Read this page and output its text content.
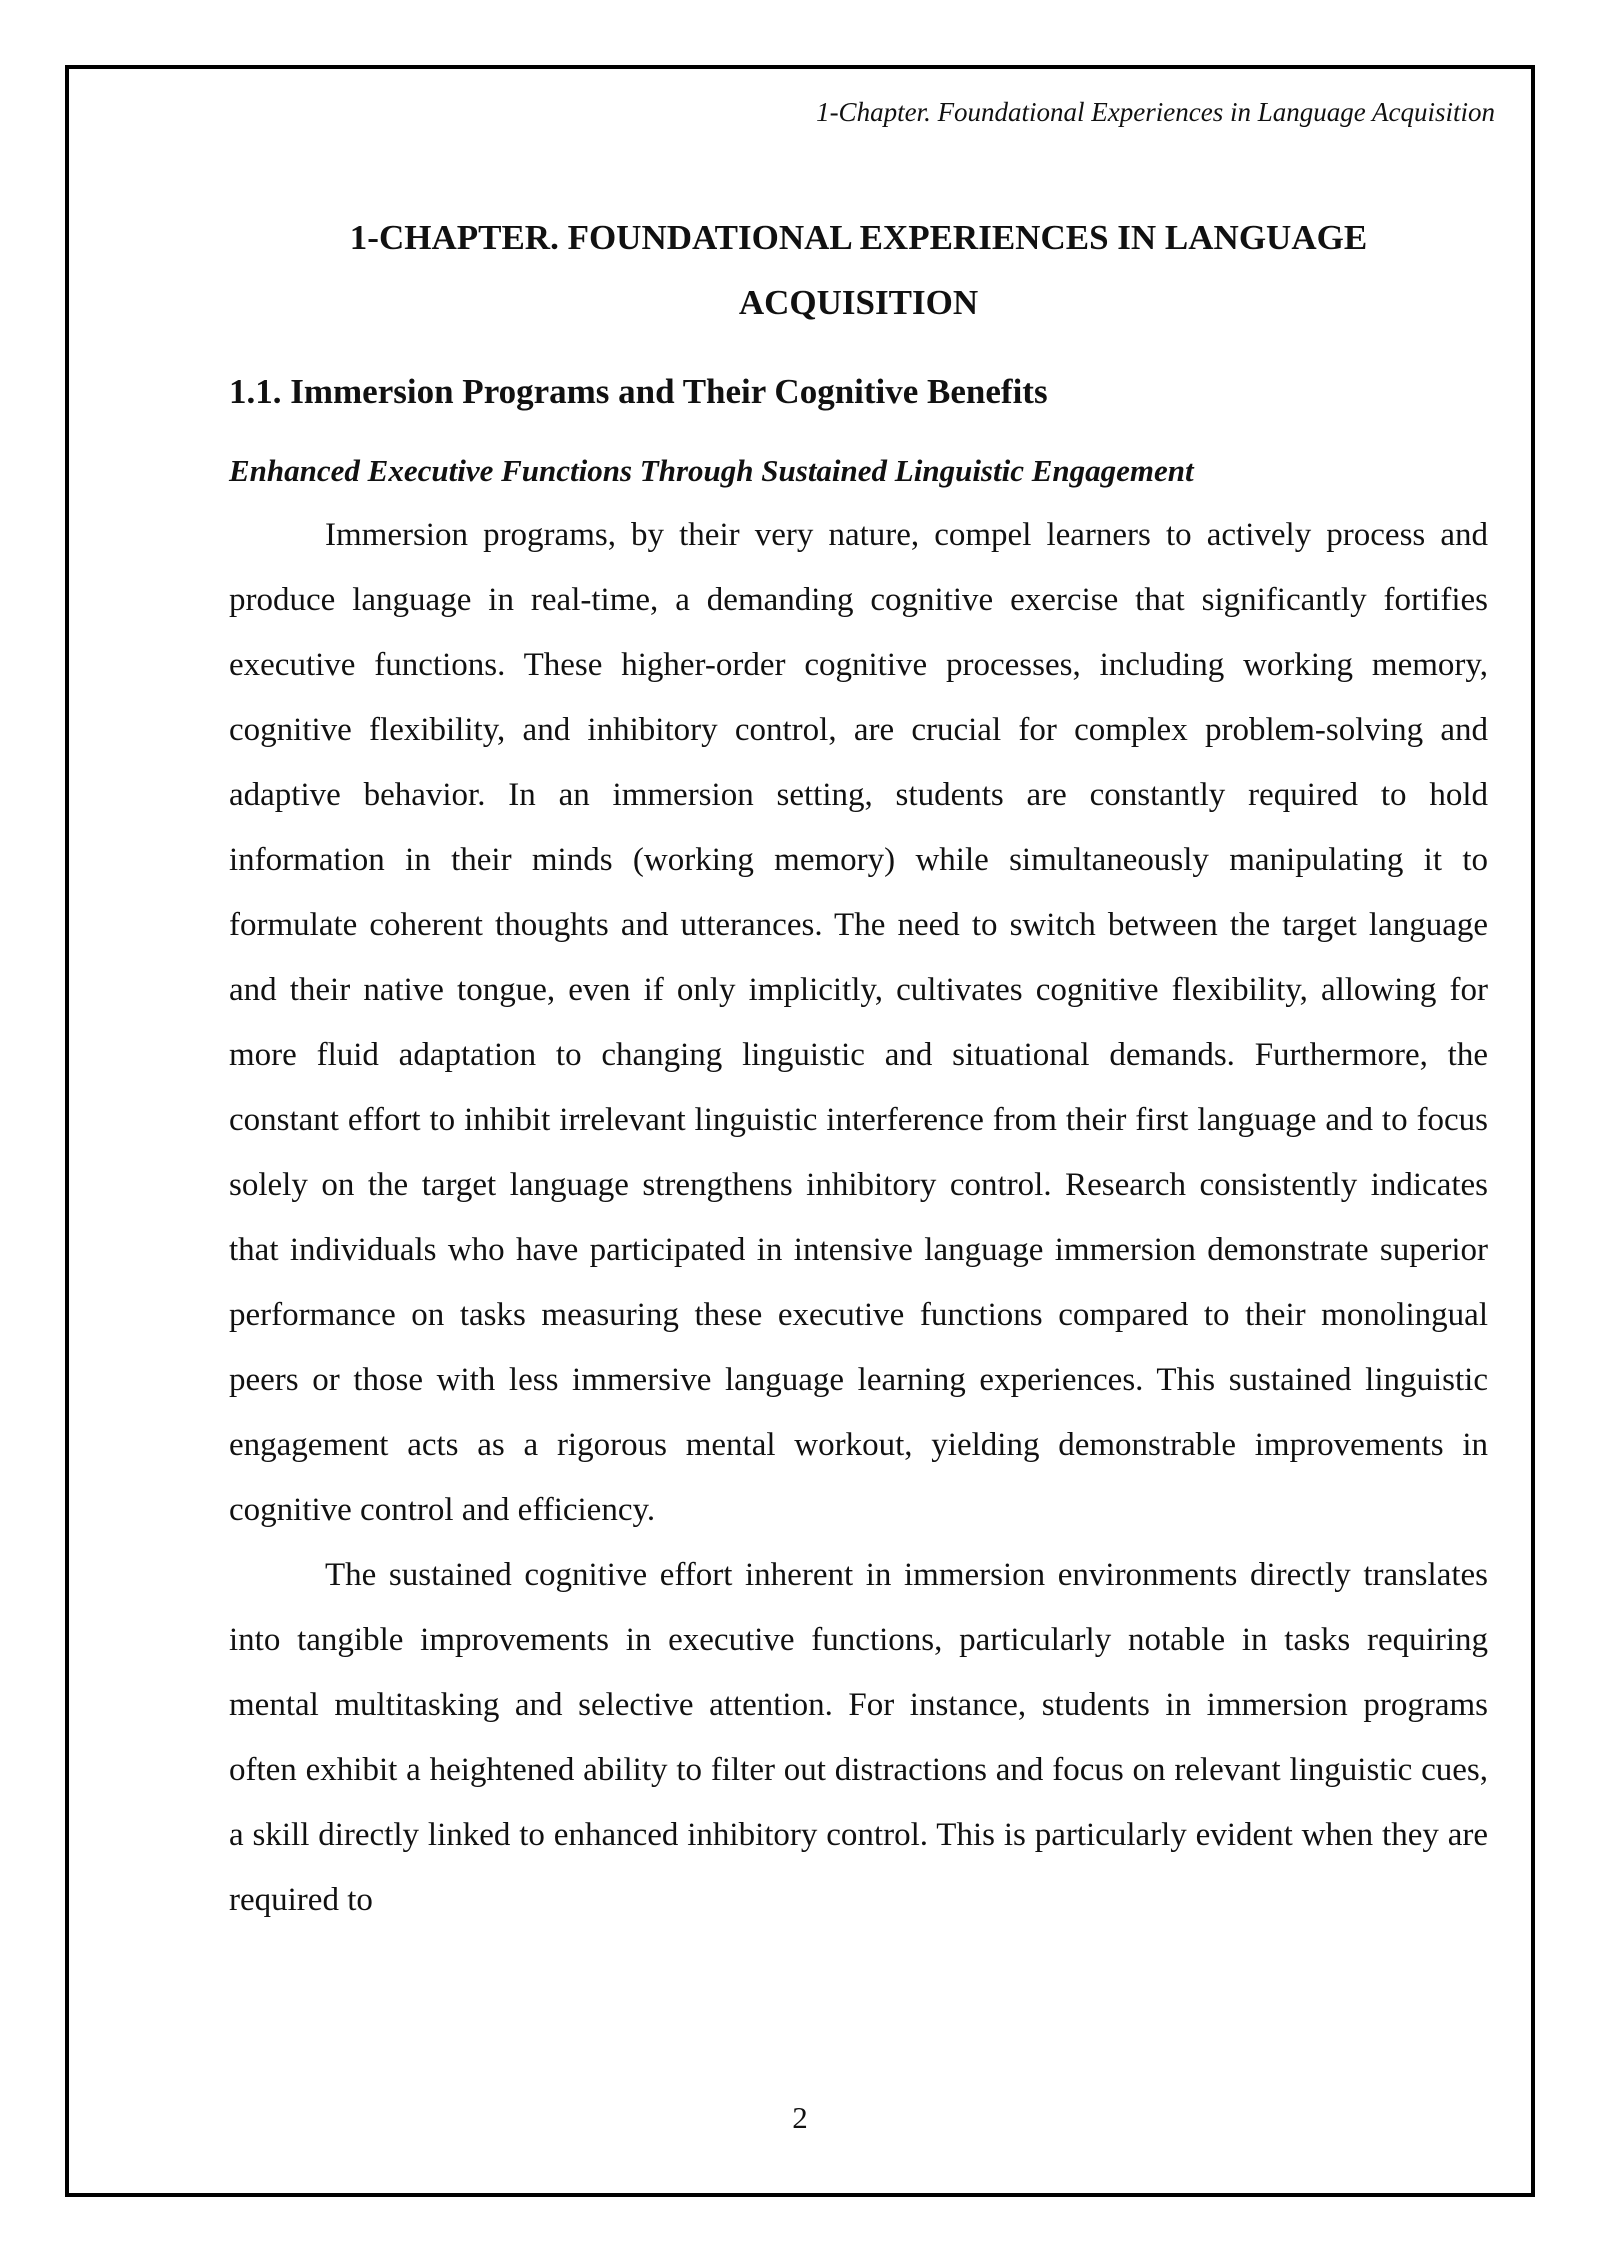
1-Chapter. Foundational Experiences in Language Acquisition
1-CHAPTER. FOUNDATIONAL EXPERIENCES IN LANGUAGE ACQUISITION
1.1. Immersion Programs and Their Cognitive Benefits
Enhanced Executive Functions Through Sustained Linguistic Engagement

Immersion programs, by their very nature, compel learners to actively process and produce language in real-time, a demanding cognitive exercise that significantly fortifies executive functions. These higher-order cognitive processes, including working memory, cognitive flexibility, and inhibitory control, are crucial for complex problem-solving and adaptive behavior. In an immersion setting, students are constantly required to hold information in their minds (working memory) while simultaneously manipulating it to formulate coherent thoughts and utterances. The need to switch between the target language and their native tongue, even if only implicitly, cultivates cognitive flexibility, allowing for more fluid adaptation to changing linguistic and situational demands. Furthermore, the constant effort to inhibit irrelevant linguistic interference from their first language and to focus solely on the target language strengthens inhibitory control. Research consistently indicates that individuals who have participated in intensive language immersion demonstrate superior performance on tasks measuring these executive functions compared to their monolingual peers or those with less immersive language learning experiences. This sustained linguistic engagement acts as a rigorous mental workout, yielding demonstrable improvements in cognitive control and efficiency.

The sustained cognitive effort inherent in immersion environments directly translates into tangible improvements in executive functions, particularly notable in tasks requiring mental multitasking and selective attention. For instance, students in immersion programs often exhibit a heightened ability to filter out distractions and focus on relevant linguistic cues, a skill directly linked to enhanced inhibitory control. This is particularly evident when they are required to

2
